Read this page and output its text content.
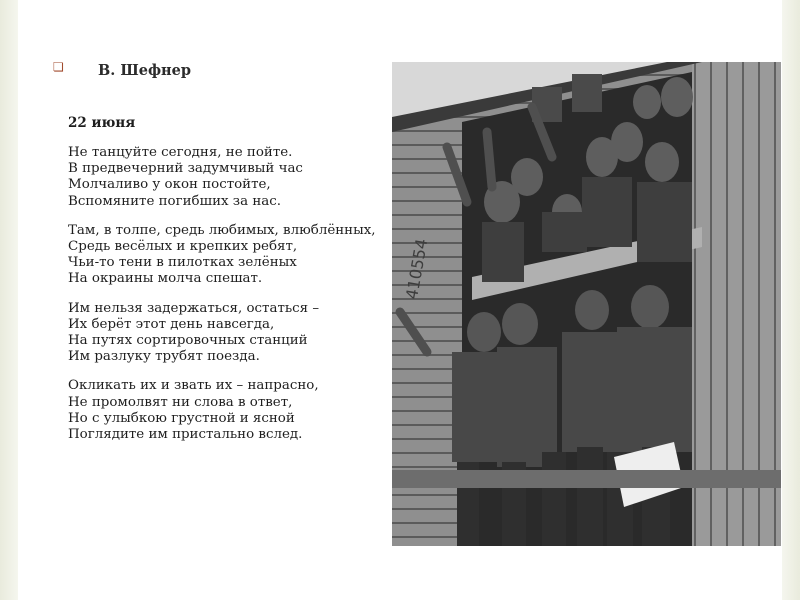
❏ В. Шефнер

22 июня

Не танцуйте сегодня, не пойте.
В предвечерний задумчивый час
Молчаливо у окон постойте,
Вспомяните погибших за нас.

Там, в толпе, средь любимых, влюблённых,
Средь весёлых и крепких ребят,
Чьи-то тени в пилотках зелёных
На окраины молча спешат.

Им нельзя задержаться, остаться –
Их берёт этот день навсегда,
На путях сортировочных станций
Им разлуку трубят поезда.

Окликать их и звать их – напрасно,
Не промолвят ни слова в ответ,
Но с улыбкою грустной и ясной
Поглядите им пристально вслед.

410554
